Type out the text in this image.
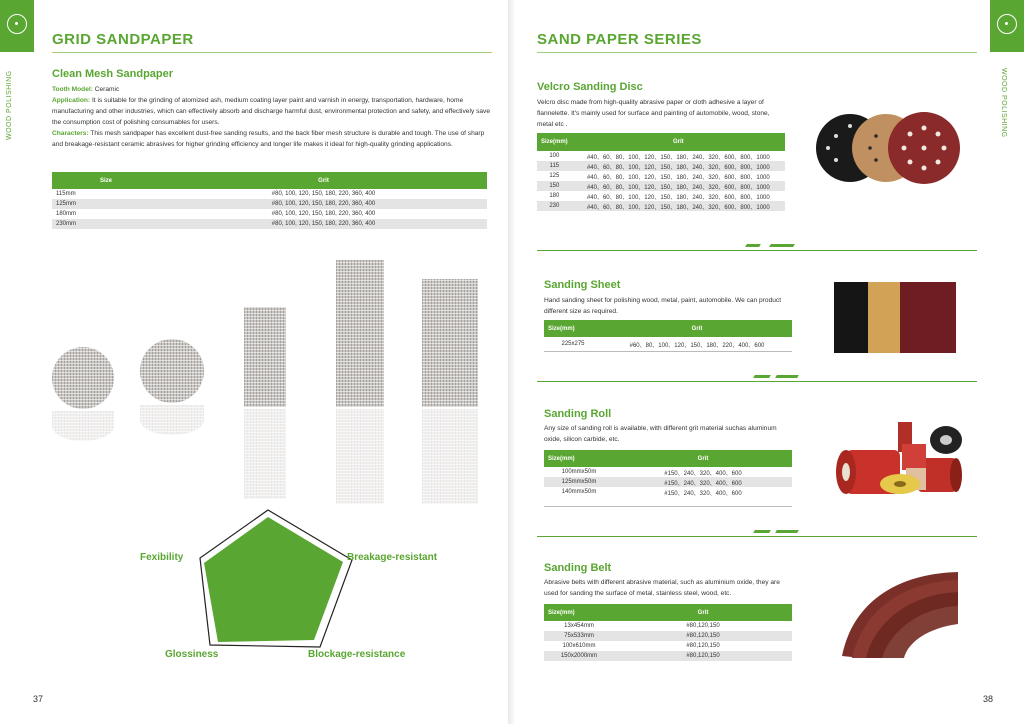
WOOD POLISHING
GRID SANDPAPER
Clean Mesh Sandpaper
Tooth Model: Ceramic
Application: It is suitable for the grinding of atomized ash, medium coating layer paint and varnish in energy, transportation, hardware, home manufacturing and other industries, which can effectively absorb and discharge harmful dust, environmental protection and safety, and effectively save the consumption cost of polishing consumables for users.
Characters: This mesh sandpaper has excellent dust-free sanding results, and the back fiber mesh structure is durable and tough. The use of sharp and breakage-resistant ceramic abrasives for higher grinding efficiency and longer life makes it ideal for high-quality grinding applications.
Size	Grit
115mm	#80, 100, 120, 150, 180, 220, 360, 400
125mm	#80, 100, 120, 150, 180, 220, 360, 400
180mm	#80, 100, 120, 150, 180, 220, 360, 400
230mm	#80, 100, 120, 150, 180, 220, 360, 400
Fexibility	Breakage-resistant
Glossiness	Blockage-resistance
37
WOOD POLISHING
SAND PAPER SERIES
Velcro Sanding Disc
Velcro disc made from high-quality abrasive paper or cloth adhesive a layer of flannelette. It's mainly used for surface and painting of automobile, wood, stone, metal etc .
Size(mm)	Grit
100	#40、60、80、100、120、150、180、240、320、600、800、1000
115	#40、60、80、100、120、150、180、240、320、600、800、1000
125	#40、60、80、100、120、150、180、240、320、600、800、1000
150	#40、60、80、100、120、150、180、240、320、600、800、1000
180	#40、60、80、100、120、150、180、240、320、600、800、1000
230	#40、60、80、100、120、150、180、240、320、600、800、1000
Sanding Sheet
Hand sanding sheet for polishing wood, metal, paint, automobile. We can product different size as required.
Size(mm)	Grit
225x275	#60、80、100、120、150、180、220、400、600
Sanding Roll
Any size of sanding roll is available, with different grit material suchas aluminum oxide, silicon carbide, etc.
Size(mm)	Grit
100mmx50m	#150、240、320、400、600
125mmx50m	#150、240、320、400、600
140mmx50m	#150、240、320、400、600
Sanding Belt
Abrasive belts with different abrasive material, such as aluminium oxide, they are used for sanding the surface of metal, stainless steel, wood, etc.
Size(mm)	Grit
13x454mm	#80,120,150
75x533mm	#80,120,150
100x610mm	#80,120,150
150x2000mm	#80,120,150
38
